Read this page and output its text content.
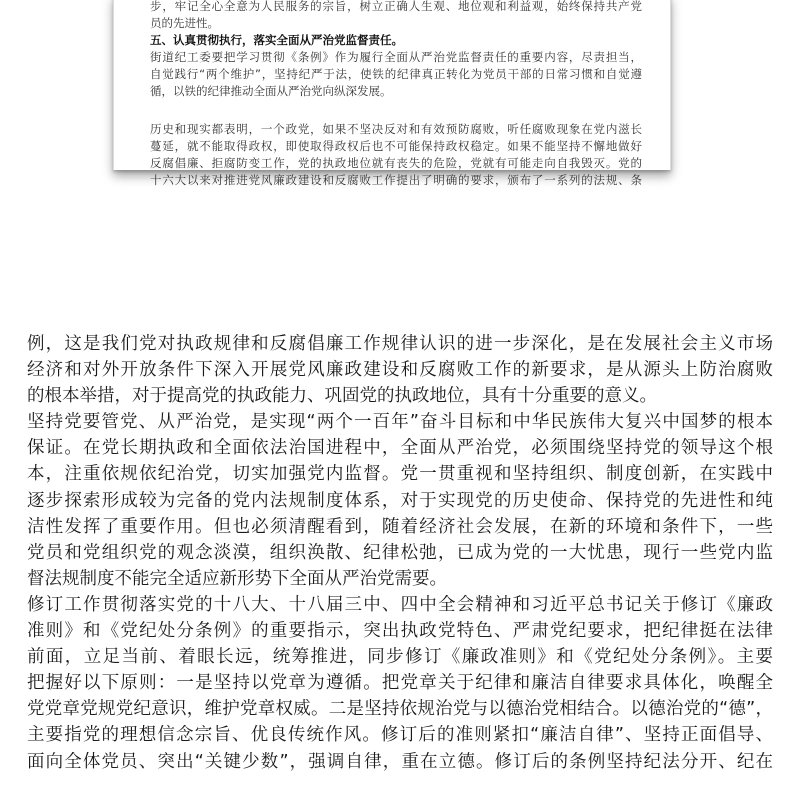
步，牢记全心全意为人民服务的宗旨，树立正确人生观、地位观和利益观，始终保持共产党
员的先进性。
五、认真贯彻执行，落实全面从严治党监督责任。
街道纪工委要把学习贯彻《条例》作为履行全面从严治党监督责任的重要内容，尽责担当，
自觉践行“两个维护”，坚持纪严于法，使铁的纪律真正转化为党员干部的日常习惯和自觉遵
循，以铁的纪律推动全面从严治党向纵深发展。
历史和现实都表明，一个政党，如果不坚决反对和有效预防腐败，听任腐败现象在党内滋长
蔓延，就不能取得政权，即使取得政权后也不可能保持政权稳定。如果不能坚持不懈地做好
反腐倡廉、拒腐防变工作，党的执政地位就有丧失的危险，党就有可能走向自我毁灭。党的
十六大以来对推进党风廉政建设和反腐败工作提出了明确的要求，颁布了一系列的法规、条
例，这是我们党对执政规律和反腐倡廉工作规律认识的进一步深化，是在发展社会主义市场
经济和对外开放条件下深入开展党风廉政建设和反腐败工作的新要求，是从源头上防治腐败
的根本举措，对于提高党的执政能力、巩固党的执政地位，具有十分重要的意义。
坚持党要管党、从严治党，是实现“两个一百年”奋斗目标和中华民族伟大复兴中国梦的根本
保证。在党长期执政和全面依法治国进程中，全面从严治党，必须围绕坚持党的领导这个根
本，注重依规依纪治党，切实加强党内监督。党一贯重视和坚持组织、制度创新，在实践中
逐步探索形成较为完备的党内法规制度体系，对于实现党的历史使命、保持党的先进性和纯
洁性发挥了重要作用。但也必须清醒看到，随着经济社会发展，在新的环境和条件下，一些
党员和党组织党的观念淡漠，组织涣散、纪律松弛，已成为党的一大忧患，现行一些党内监
督法规制度不能完全适应新形势下全面从严治党需要。
修订工作贯彻落实党的十八大、十八届三中、四中全会精神和习近平总书记关于修订《廉政
准则》和《党纪处分条例》的重要指示，突出执政党特色、严肃党纪要求，把纪律挺在法律
前面，立足当前、着眼长远，统筹推进，同步修订《廉政准则》和《党纪处分条例》。主要
把握好以下原则：一是坚持以党章为遵循。把党章关于纪律和廉洁自律要求具体化，唤醒全
党党章党规党纪意识，维护党章权威。二是坚持依规治党与以德治党相结合。以德治党的“德”，
主要指党的理想信念宗旨、优良传统作风。修订后的准则紧扣“廉洁自律”、坚持正面倡导、
面向全体党员、突出“关键少数”，强调自律，重在立德。修订后的条例坚持纪法分开、纪在
